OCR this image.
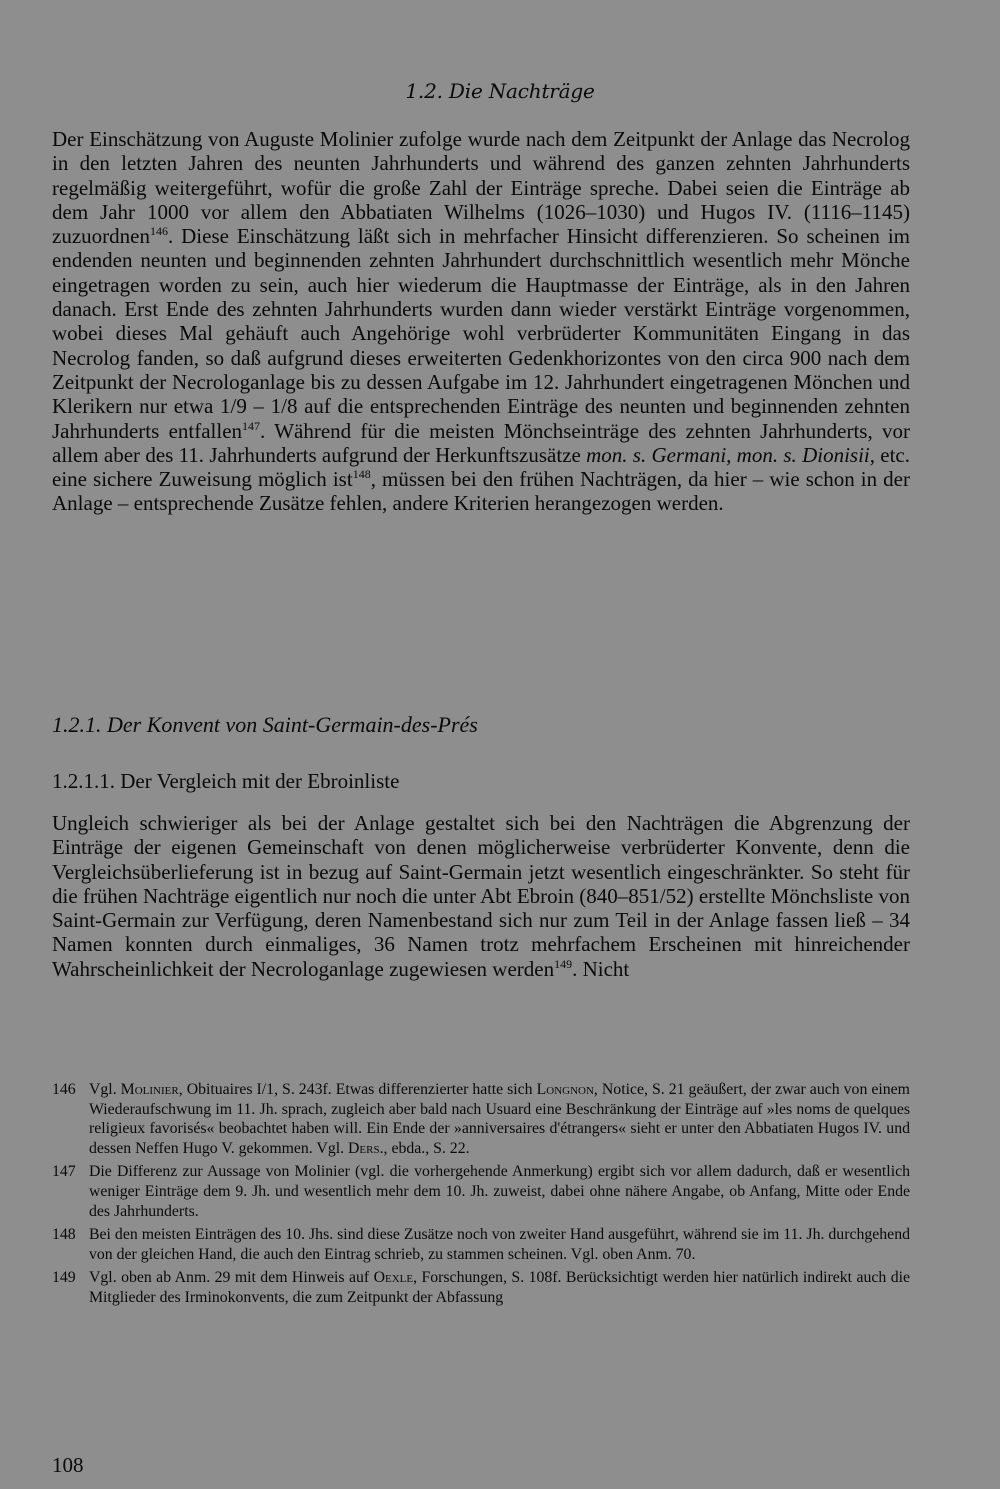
1.2. Die Nachträge

Der Einschätzung von Auguste Molinier zufolge wurde nach dem Zeitpunkt der Anlage das Necrolog in den letzten Jahren des neunten Jahrhunderts und während des ganzen zehnten Jahrhunderts regelmäßig weitergeführt, wofür die große Zahl der Einträge spreche. Dabei seien die Einträge ab dem Jahr 1000 vor allem den Abbatiaten Wilhelms (1026–1030) und Hugos IV. (1116–1145) zuzuordnen$^{146}$. Diese Einschätzung läßt sich in mehrfacher Hinsicht differenzieren. So scheinen im endenden neunten und beginnenden zehnten Jahrhundert durchschnittlich wesentlich mehr Mönche eingetragen worden zu sein, auch hier wiederum die Hauptmasse der Einträge, als in den Jahren danach. Erst Ende des zehnten Jahrhunderts wurden dann wieder verstärkt Einträge vorgenommen, wobei dieses Mal gehäuft auch Angehörige wohl verbrüderter Kommunitäten Eingang in das Necrolog fanden, so daß aufgrund dieses erweiterten Gedenkhorizontes von den circa 900 nach dem Zeitpunkt der Necrologanlage bis zu dessen Aufgabe im 12. Jahrhundert eingetragenen Mönchen und Klerikern nur etwa 1/9 – 1/8 auf die entsprechenden Einträge des neunten und beginnenden zehnten Jahrhunderts entfallen$^{147}$. Während für die meisten Mönchseinträge des zehnten Jahrhunderts, vor allem aber des 11. Jahrhunderts aufgrund der Herkunftszusätze mon. s. Germani, mon. s. Dionisii, etc. eine sichere Zuweisung möglich ist$^{148}$, müssen bei den frühen Nachträgen, da hier – wie schon in der Anlage – entsprechende Zusätze fehlen, andere Kriterien herangezogen werden.

1.2.1. Der Konvent von Saint-Germain-des-Prés
1.2.1.1. Der Vergleich mit der Ebroinliste

Ungleich schwieriger als bei der Anlage gestaltet sich bei den Nachträgen die Abgrenzung der Einträge der eigenen Gemeinschaft von denen möglicherweise verbrüderter Konvente, denn die Vergleichsüberlieferung ist in bezug auf Saint-Germain jetzt wesentlich eingeschränkter. So steht für die frühen Nachträge eigentlich nur noch die unter Abt Ebroin (840–851/52) erstellte Mönchsliste von Saint-Germain zur Verfügung, deren Namenbestand sich nur zum Teil in der Anlage fassen ließ – 34 Namen konnten durch einmaliges, 36 Namen trotz mehrfachem Erscheinen mit hinreichender Wahrscheinlichkeit der Necrologanlage zugewiesen werden$^{149}$. Nicht

146 Vgl. Molinier, Obituaires I/1, S. 243f. Etwas differenzierter hatte sich Longnon, Notice, S. 21 geäußert, der zwar auch von einem Wiederaufschwung im 11. Jh. sprach, zugleich aber bald nach Usuard eine Beschränkung der Einträge auf »les noms de quelques religieux favorisés« beobachtet haben will. Ein Ende der »anniversaires d'étrangers« sieht er unter den Abbatiaten Hugos IV. und dessen Neffen Hugo V. gekommen. Vgl. Ders., ebda., S. 22.
147 Die Differenz zur Aussage von Molinier (vgl. die vorhergehende Anmerkung) ergibt sich vor allem dadurch, daß er wesentlich weniger Einträge dem 9. Jh. und wesentlich mehr dem 10. Jh. zuweist, dabei ohne nähere Angabe, ob Anfang, Mitte oder Ende des Jahrhunderts.
148 Bei den meisten Einträgen des 10. Jhs. sind diese Zusätze noch von zweiter Hand ausgeführt, während sie im 11. Jh. durchgehend von der gleichen Hand, die auch den Eintrag schrieb, zu stammen scheinen. Vgl. oben Anm. 70.
149 Vgl. oben ab Anm. 29 mit dem Hinweis auf Oexle, Forschungen, S. 108f. Berücksichtigt werden hier natürlich indirekt auch die Mitglieder des Irminokonvents, die zum Zeitpunkt der Abfassung
108
